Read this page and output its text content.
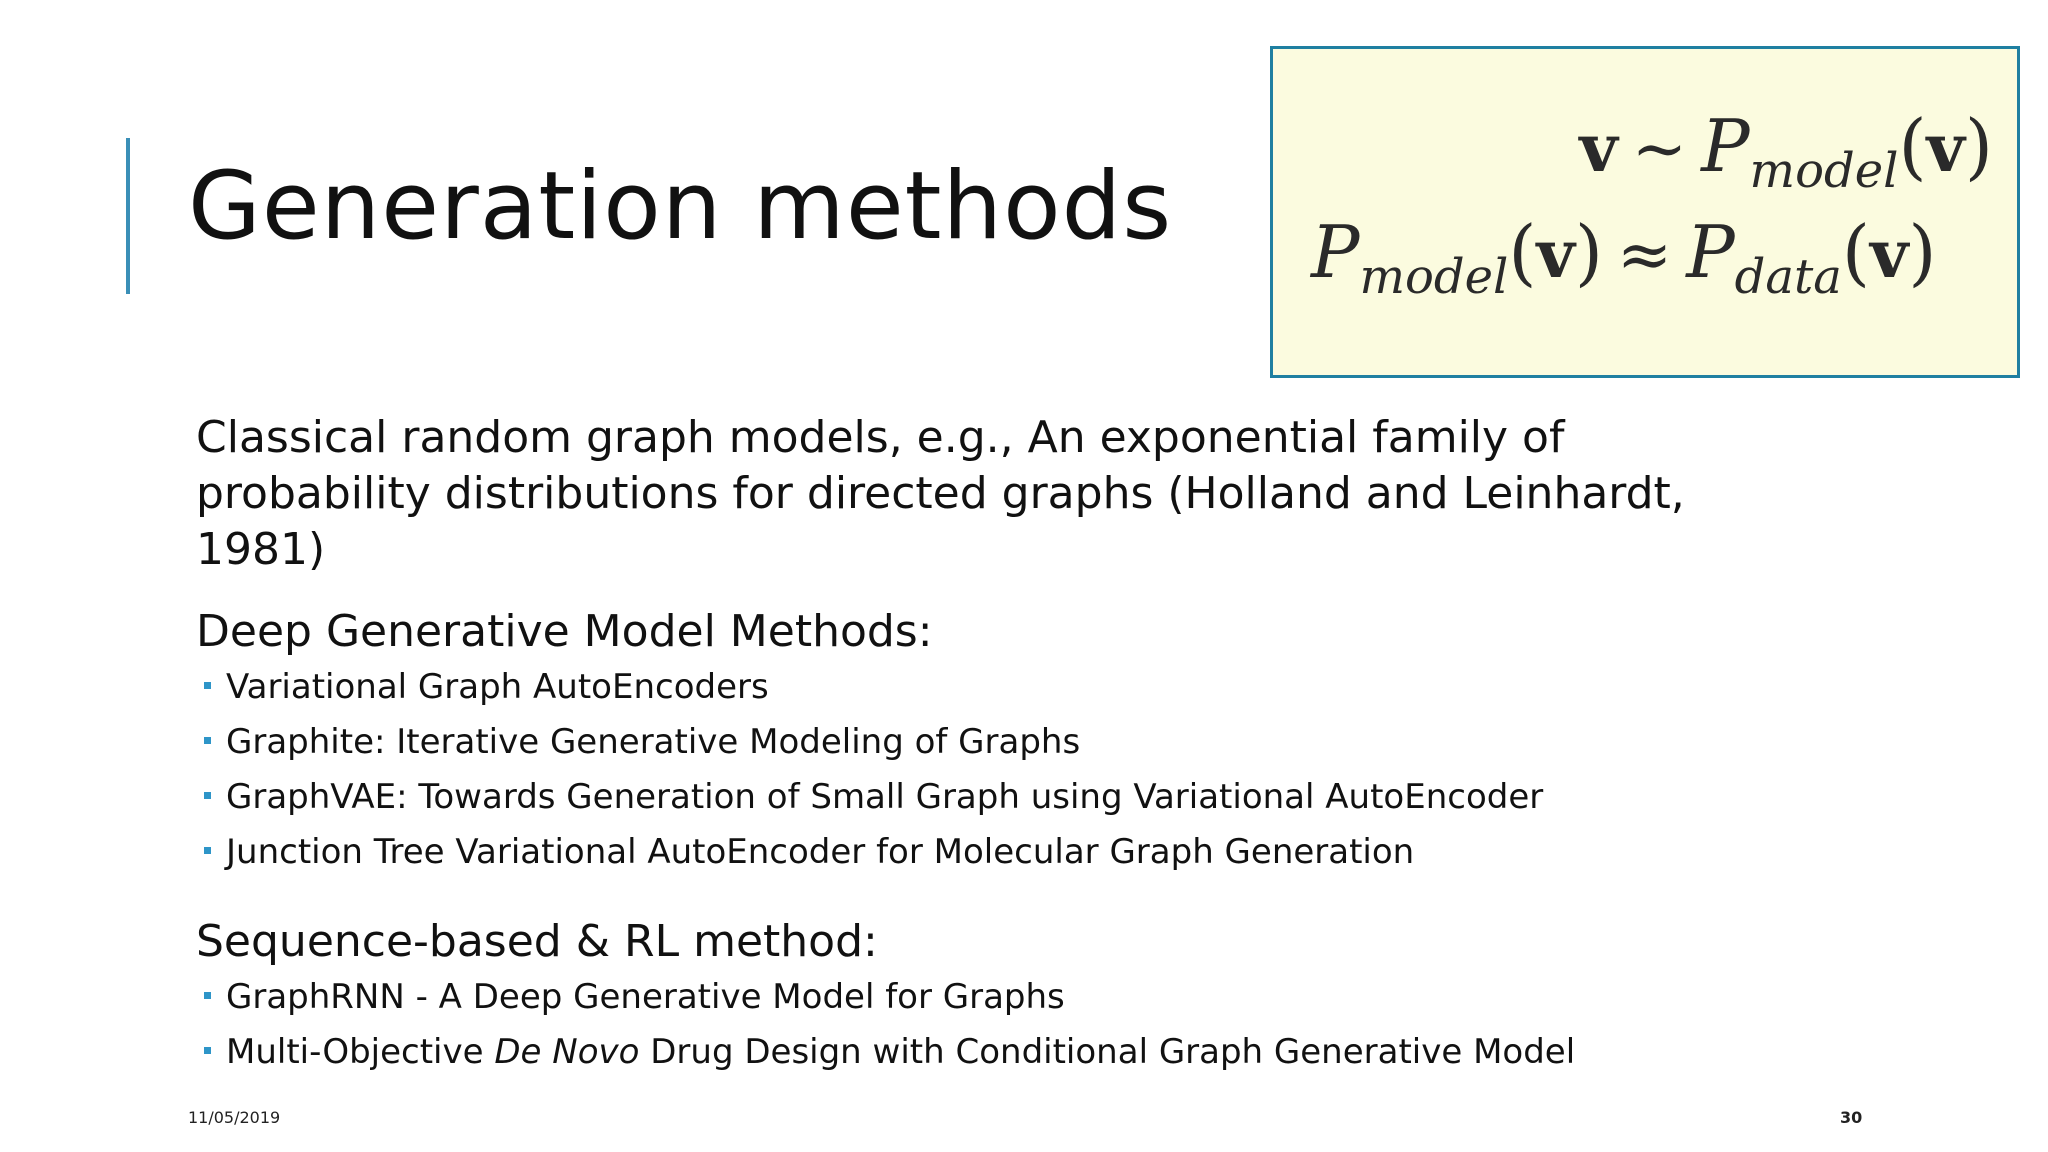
Generation methods
v ∼ Pmodel(v)
Pmodel(v) ≈ Pdata(v)

Classical random graph models, e.g., An exponential family of probability distributions for directed graphs (Holland and Leinhardt, 1981)

Deep Generative Model Methods:

Variational Graph AutoEncoders
Graphite: Iterative Generative Modeling of Graphs
GraphVAE: Towards Generation of Small Graph using Variational AutoEncoder
Junction Tree Variational AutoEncoder for Molecular Graph Generation

Sequence-based & RL method:

GraphRNN - A Deep Generative Model for Graphs
Multi-Objective De Novo Drug Design with Conditional Graph Generative Model
11/05/2019	30
